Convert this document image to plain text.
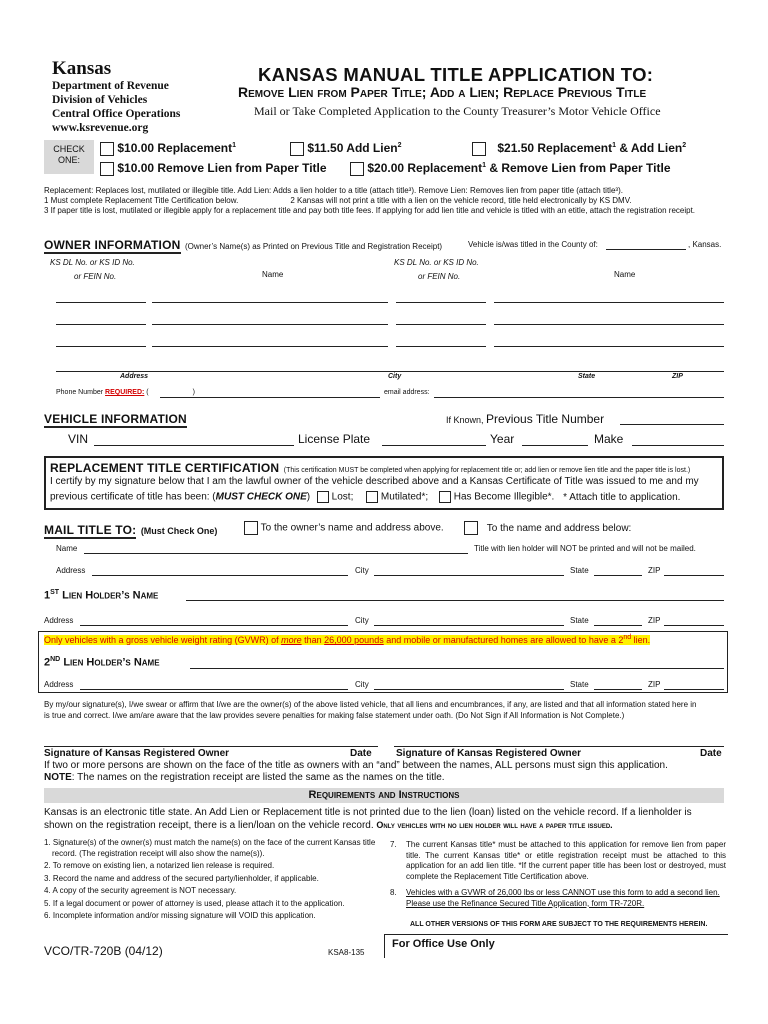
Kansas
Department of Revenue
Division of Vehicles
Central Office Operations
www.ksrevenue.org
KANSAS MANUAL TITLE APPLICATION TO:
Remove Lien from Paper Title; Add a Lien; Replace Previous Title
Mail or Take Completed Application to the County Treasurer’s Motor Vehicle Office
CHECK ONE:
$10.00 Replacement$^1$	$11.50 Add Lien$^2$	$21.50 Replacement$^1$ & Add Lien$^2$
$10.00 Remove Lien from Paper Title	$20.00 Replacement$^1$ & Remove Lien from Paper Title
Replacement: Replaces lost, mutilated or illegible title. Add Lien: Adds a lien holder to a title (attach title³). Remove Lien: Removes lien from paper title (attach title³).
1 Must complete Replacement Title Certification below.	2 Kansas will not print a title with a lien on the vehicle record, title held electronically by KS DMV.
3 If paper title is lost, mutilated or illegible apply for a replacement title and pay both title fees. If applying for add lien title and vehicle is titled with an etitle, attach the registration receipt.
OWNER INFORMATION (Owner’s Name(s) as Printed on Previous Title and Registration Receipt)	Vehicle is/was titled in the County of:	, Kansas.
KS DL No. or KS ID No.
or FEIN No.	Name
KS DL No. or KS ID No.
or FEIN No.	Name
Address	City	State	ZIP
Phone Number REQUIRED: (	)	email address:
VEHICLE INFORMATION	If Known, Previous Title Number
VIN	License Plate	Year	Make
REPLACEMENT TITLE CERTIFICATION (This certification MUST be completed when applying for replacement title or; add lien or remove lien title and the paper title is lost.)
I certify by my signature below that I am the lawful owner of the vehicle described above and a Kansas Certificate of Title was issued to me and my
previous certificate of title has been: (MUST CHECK ONE) Lost;	Mutilated*;	Has Become Illegible*. * Attach title to application.
MAIL TITLE TO: (Must Check One)	To the owner’s name and address above.	To the name and address below:
Name	Title with lien holder will NOT be printed and will not be mailed.
Address	City	State	ZIP
1ST Lien Holder’s Name
Address	City	State	ZIP
Only vehicles with a gross vehicle weight rating (GVWR) of more than 26,000 pounds and mobile or manufactured homes are allowed to have a 2nd lien.
2ND Lien Holder’s Name
Address	City	State	ZIP
By my/our signature(s), I/we swear or affirm that I/we are the owner(s) of the above listed vehicle, that all liens and encumbrances, if any, are listed and that all information stated here in
is true and correct. I/we am/are aware that the law provides severe penalties for making false statement under oath. (Do Not Sign if All Information is Not Complete.)
Signature of Kansas Registered Owner	Date Signature of Kansas Registered Owner	Date
If two or more persons are shown on the face of the title as owners with an “and” between the names, ALL persons must sign this application.
NOTE: The names on the registration receipt are listed the same as the names on the title.
Requirements and Instructions
Kansas is an electronic title state. An Add Lien or Replacement title is not printed due to the lien (loan) listed on the vehicle record. If a lienholder is
shown on the registration receipt, there is a lien/loan on the vehicle record. Only vehicles with no lien holder will have a paper title issued.
1. Signature(s) of the owner(s) must match the name(s) on the face of the current Kansas title record. (The registration receipt will also show the name(s)).
2. To remove on existing lien, a notarized lien release is required.
3. Record the name and address of the secured party/lienholder, if applicable.
4. A copy of the security agreement is NOT necessary.
5. If a legal document or power of attorney is used, please attach it to the application.
6. Incomplete information and/or missing signature will VOID this application.
7.	The current Kansas title* must be attached to this application for remove lien from paper title. The current Kansas title* or etitle registration receipt must be attached to this application for an add lien title. *If the current paper title has been lost or destroyed, must complete the Replacement Title Certification above.
8.	Vehicles with a GVWR of 26,000 lbs or less CANNOT use this form to add a second lien. Please use the Refinance Secured Title Application, form TR-720R.
ALL OTHER VERSIONS OF THIS FORM ARE SUBJECT TO THE REQUIREMENTS HEREIN.
VCO/TR-720B (04/12)	KSA8-135
For Office Use Only
